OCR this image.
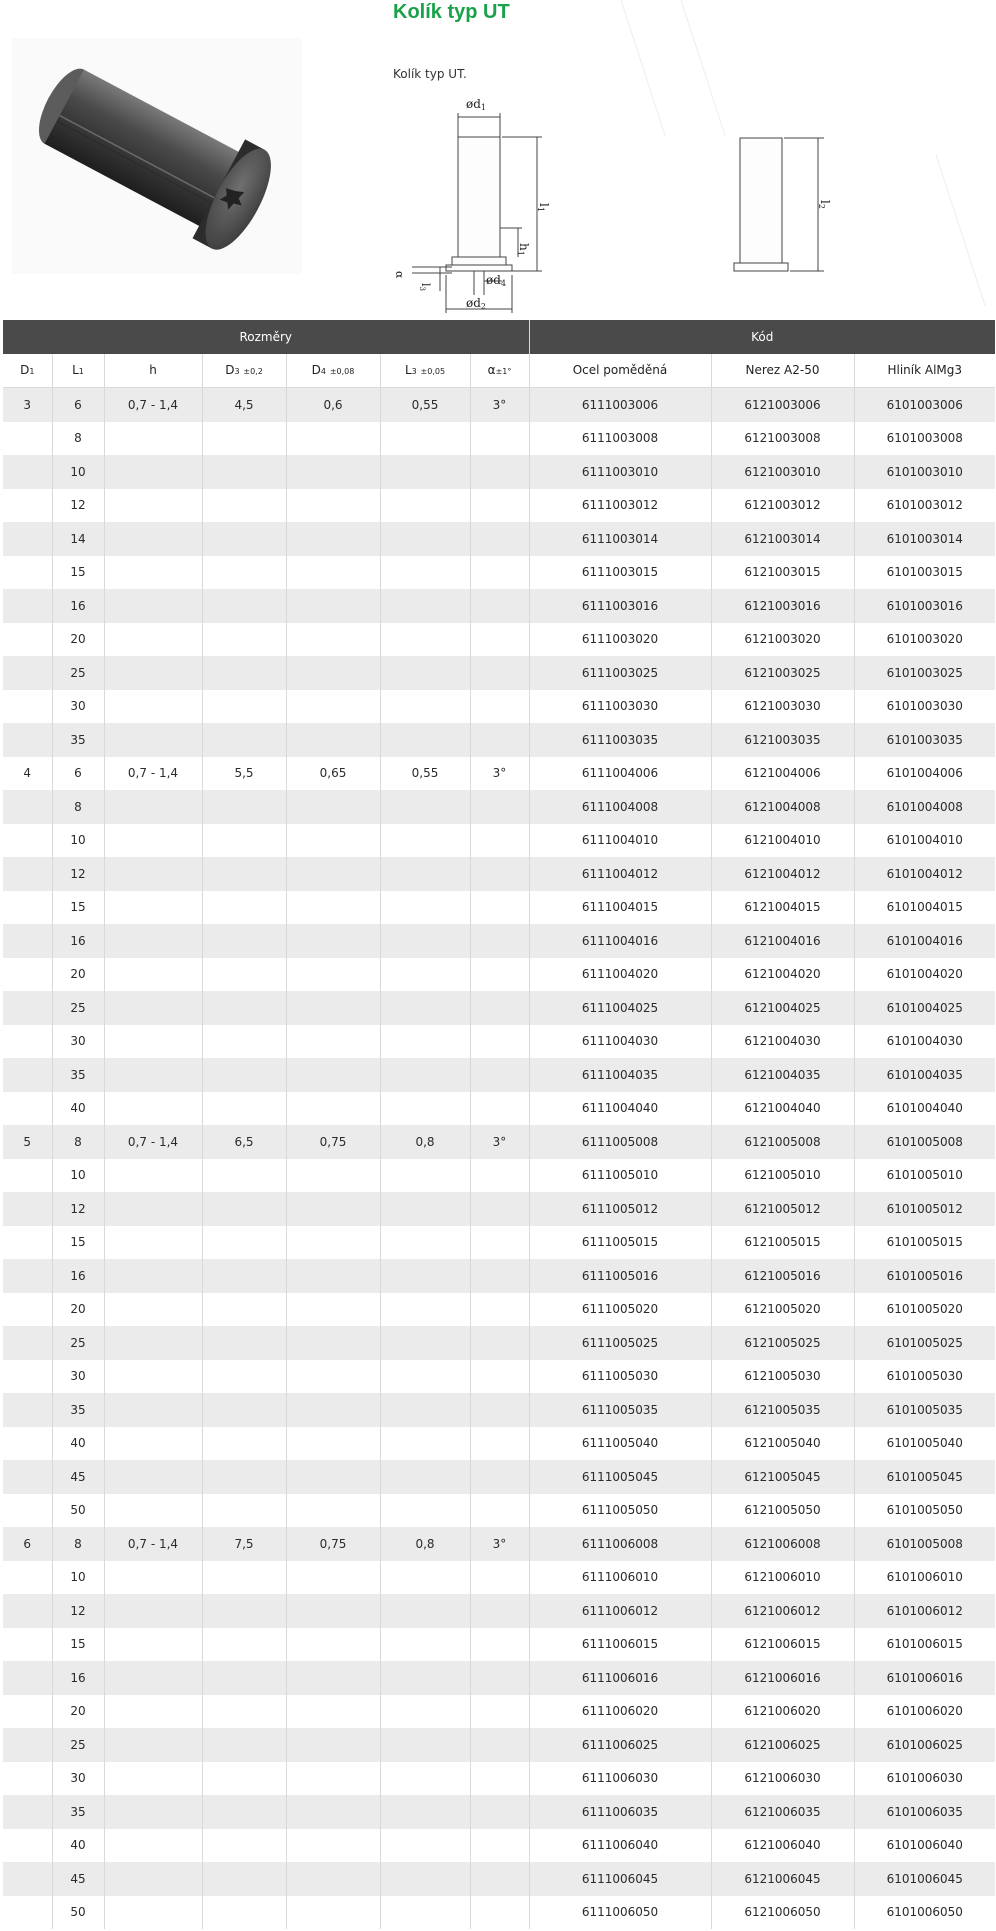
Kolík typ UT
Kolík typ UT.
ød1
l1
h1
ød4
ød2
l3
α
l2
Rozměry							Kód		
D1	L1	h	D3 ±0,2	D4 ±0,08	L3 ±0,05	α±1°	Ocel poměděná	Nerez A2-50	Hliník AlMg3
3	6	0,7 - 1,4	4,5	0,6	0,55	3°	6111003006	6121003006	6101003006
	8						6111003008	6121003008	6101003008
	10						6111003010	6121003010	6101003010
	12						6111003012	6121003012	6101003012
	14						6111003014	6121003014	6101003014
	15						6111003015	6121003015	6101003015
	16						6111003016	6121003016	6101003016
	20						6111003020	6121003020	6101003020
	25						6111003025	6121003025	6101003025
	30						6111003030	6121003030	6101003030
	35						6111003035	6121003035	6101003035
4	6	0,7 - 1,4	5,5	0,65	0,55	3°	6111004006	6121004006	6101004006
	8						6111004008	6121004008	6101004008
	10						6111004010	6121004010	6101004010
	12						6111004012	6121004012	6101004012
	15						6111004015	6121004015	6101004015
	16						6111004016	6121004016	6101004016
	20						6111004020	6121004020	6101004020
	25						6111004025	6121004025	6101004025
	30						6111004030	6121004030	6101004030
	35						6111004035	6121004035	6101004035
	40						6111004040	6121004040	6101004040
5	8	0,7 - 1,4	6,5	0,75	0,8	3°	6111005008	6121005008	6101005008
	10						6111005010	6121005010	6101005010
	12						6111005012	6121005012	6101005012
	15						6111005015	6121005015	6101005015
	16						6111005016	6121005016	6101005016
	20						6111005020	6121005020	6101005020
	25						6111005025	6121005025	6101005025
	30						6111005030	6121005030	6101005030
	35						6111005035	6121005035	6101005035
	40						6111005040	6121005040	6101005040
	45						6111005045	6121005045	6101005045
	50						6111005050	6121005050	6101005050
6	8	0,7 - 1,4	7,5	0,75	0,8	3°	6111006008	6121006008	6101005008
	10						6111006010	6121006010	6101006010
	12						6111006012	6121006012	6101006012
	15						6111006015	6121006015	6101006015
	16						6111006016	6121006016	6101006016
	20						6111006020	6121006020	6101006020
	25						6111006025	6121006025	6101006025
	30						6111006030	6121006030	6101006030
	35						6111006035	6121006035	6101006035
	40						6111006040	6121006040	6101006040
	45						6111006045	6121006045	6101006045
	50						6111006050	6121006050	6101006050
